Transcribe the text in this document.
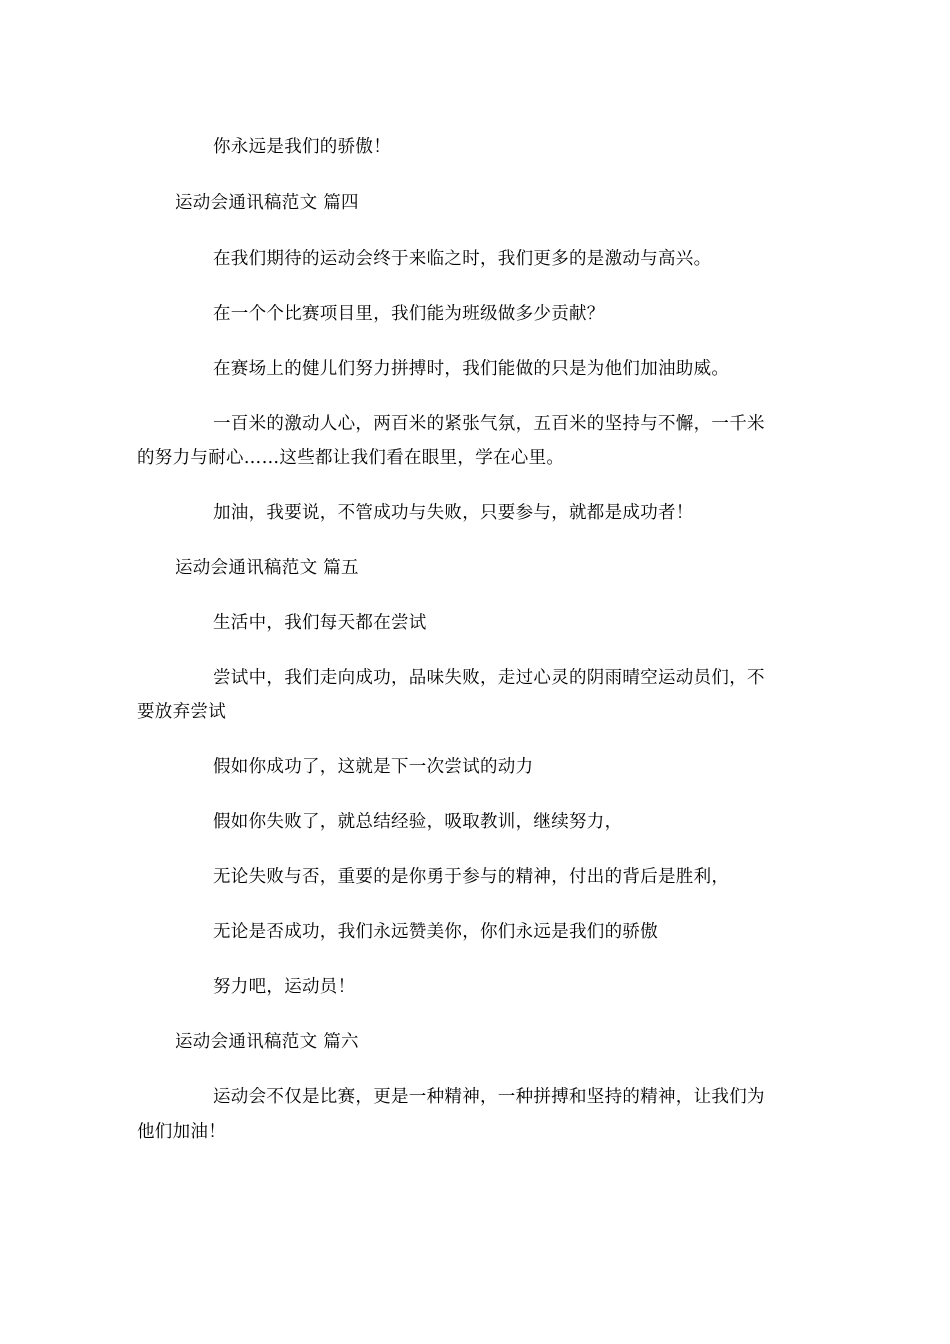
你永远是我们的骄傲！
运动会通讯稿范文 篇四
在我们期待的运动会终于来临之时，我们更多的是激动与高兴。
在一个个比赛项目里，我们能为班级做多少贡献？
在赛场上的健儿们努力拼搏时，我们能做的只是为他们加油助威。
一百米的激动人心，两百米的紧张气氛，五百米的坚持与不懈，一千米
的努力与耐心……这些都让我们看在眼里，学在心里。
加油，我要说，不管成功与失败，只要参与，就都是成功者！
运动会通讯稿范文 篇五
生活中，我们每天都在尝试
尝试中，我们走向成功，品味失败，走过心灵的阴雨晴空运动员们，不
要放弃尝试
假如你成功了，这就是下一次尝试的动力
假如你失败了，就总结经验，吸取教训，继续努力，
无论失败与否，重要的是你勇于参与的精神，付出的背后是胜利，
无论是否成功，我们永远赞美你，你们永远是我们的骄傲
努力吧，运动员！
运动会通讯稿范文 篇六
运动会不仅是比赛，更是一种精神，一种拼搏和坚持的精神，让我们为
他们加油！
